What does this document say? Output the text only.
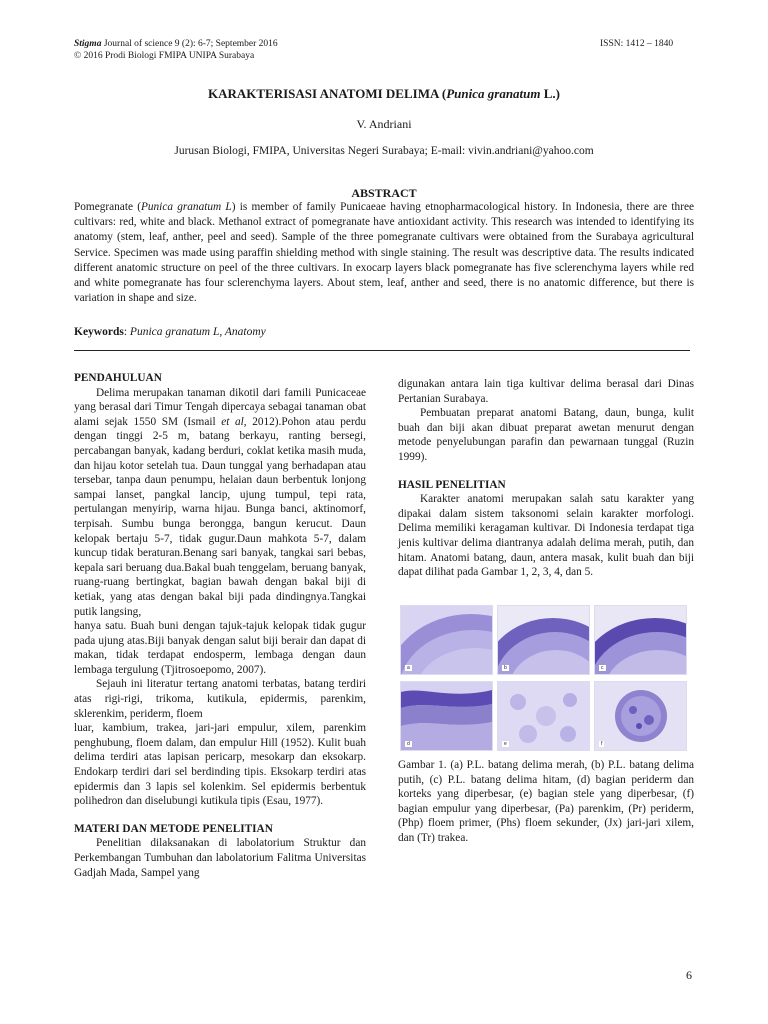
Stigma Journal of science 9 (2): 6-7; September 2016
© 2016 Prodi Biologi FMIPA UNIPA Surabaya
ISSN: 1412 – 1840
KARAKTERISASI ANATOMI DELIMA (Punica granatum L.)
V. Andriani
Jurusan Biologi, FMIPA, Universitas Negeri Surabaya; E-mail: vivin.andriani@yahoo.com
ABSTRACT
Pomegranate (Punica granatum L) is member of family Punicaeae having etnopharmacological history. In Indonesia, there are three cultivars: red, white and black. Methanol extract of pomegranate have antioxidant activity. This research was intended to identifying its anatomy (stem, leaf, anther, peel and seed). Sample of the three pomegranate cultivars were obtained from the Surabaya agricultural Service. Specimen was made using paraffin shielding method with single staining. The result was descriptive data. The results indicated different anatomic structure on peel of the three cultivars. In exocarp layers black pomegranate has five sclerenchyma layers while red and white pomegranate has four sclerenchyma layers. About stem, leaf, anther and seed, there is no anatomic difference, but there is variation in shape and size.
Keywords: Punica granatum L, Anatomy

PENDAHULUAN

Delima merupakan tanaman dikotil dari famili Punicaceae yang berasal dari Timur Tengah dipercaya sebagai tanaman obat alami sejak 1550 SM (Ismail et al, 2012).Pohon atau perdu dengan tinggi 2-5 m, batang berkayu, ranting bersegi, percabangan banyak, kadang berduri, coklat ketika masih muda, dan hijau kotor setelah tua. Daun tunggal yang berhadapan atau tersebar, tanpa daun penumpu, helaian daun berbentuk lonjong sampai lanset, pangkal lancip, ujung tumpul, tepi rata, pertulangan menyirip, warna hijau. Bunga banci, aktinomorf, terpisah. Sumbu bunga berongga, bangun kerucut. Daun kelopak bertaju 5-7, tidak gugur.Daun mahkota 5-7, dalam kuncup tidak beraturan.Benang sari banyak, tangkai sari bebas, kepala sari beruang dua.Bakal buah tenggelam, beruang banyak, ruang-ruang bertingkat, bagian bawah dengan bakal biji di ketiak, yang atas dengan bakal biji pada dindingnya.Tangkai putik langsing,

hanya satu. Buah buni dengan tajuk-tajuk kelopak tidak gugur pada ujung atas.Biji banyak dengan salut biji berair dan dapat di makan, tidak terdapat endosperm, lembaga dengan daun lembaga tergulung (Tjitrosoepomo, 2007).

Sejauh ini literatur tertang anatomi terbatas, batang terdiri atas rigi-rigi, trikoma, kutikula, epidermis, parenkim, sklerenkim, periderm, floem

luar, kambium, trakea, jari-jari empulur, xilem, parenkim penghubung, floem dalam, dan empulur Hill (1952). Kulit buah delima terdiri atas lapisan pericarp, mesokarp dan eksokarp. Endokarp terdiri dari sel berdinding tipis. Eksokarp terdiri atas epidermis dan 3 lapis sel kolenkim. Sel epidermis berbentuk polihedron dan diselubungi kutikula tipis (Esau, 1977).

MATERI DAN METODE PENELITIAN

Penelitian dilaksanakan di labolatorium Struktur dan Perkembangan Tumbuhan dan labolatorium Falitma Universitas Gadjah Mada, Sampel yang

digunakan antara lain tiga kultivar delima berasal dari Dinas Pertanian Surabaya.

Pembuatan preparat anatomi Batang, daun, bunga, kulit buah dan biji akan dibuat preparat awetan menurut dengan metode penyelubungan parafin dan pewarnaan tunggal (Ruzin 1999).

HASIL PENELITIAN

Karakter anatomi merupakan salah satu karakter yang dipakai dalam sistem taksonomi selain karakter morfologi. Delima memiliki keragaman kultivar. Di Indonesia terdapat tiga jenis kultivar delima diantranya adalah delima merah, putih, dan hitam. Anatomi batang, daun, antera masak, kulit buah dan biji dapat dilihat pada Gambar 1, 2, 3, 4, dan 5.

a	b	c
d	e	f
Gambar 1. (a) P.L. batang delima merah, (b) P.L. batang delima putih, (c) P.L. batang delima hitam, (d) bagian periderm dan korteks yang diperbesar, (e) bagian stele yang diperbesar, (f) bagian empulur yang diperbesar, (Pa) parenkim, (Pr) periderm, (Php) floem primer, (Phs) floem sekunder, (Jx) jari-jari xilem, dan (Tr) trakea.
6
